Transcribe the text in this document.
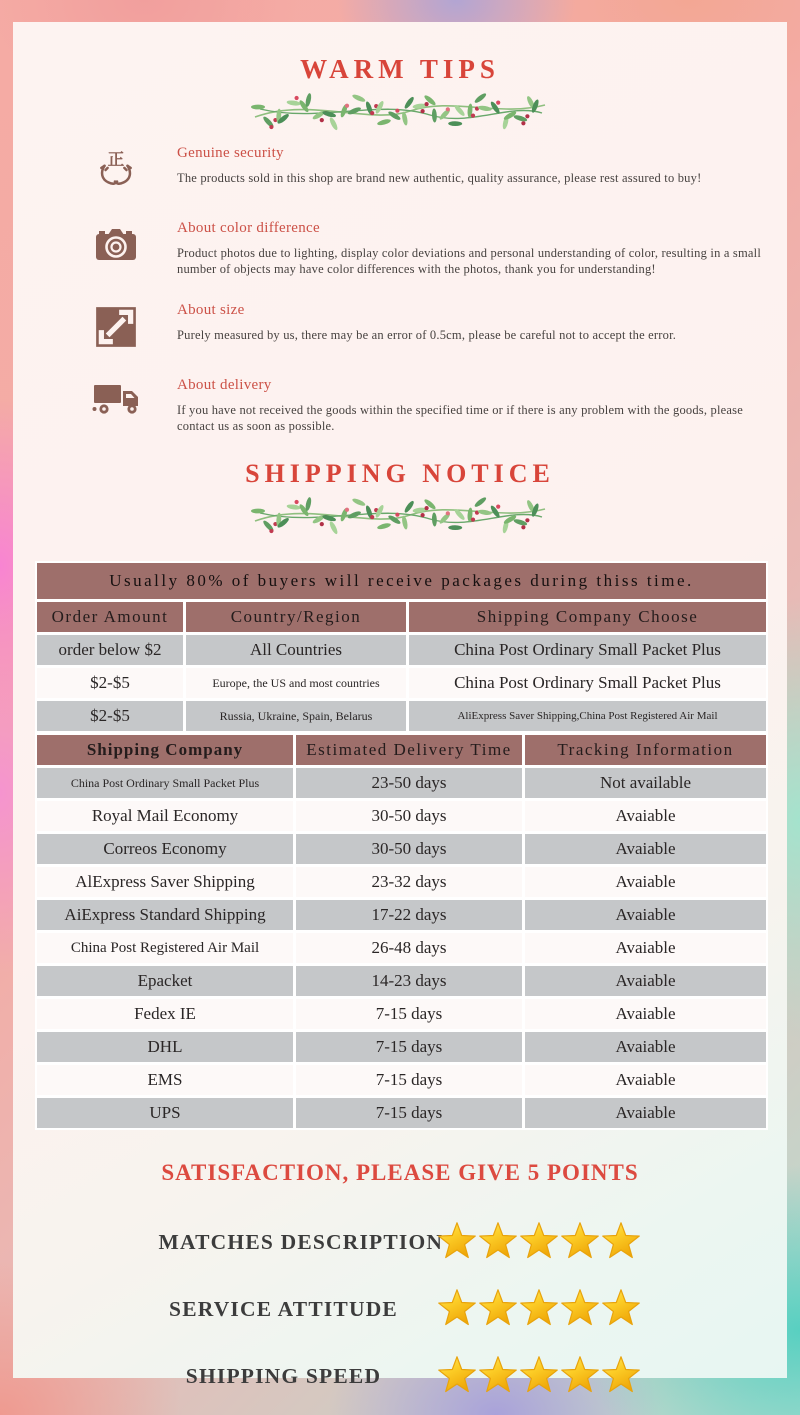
WARM TIPS
正	Genuine security

The products sold in this shop are brand new authentic, quality assurance, please rest assured to buy!

About color difference

Product photos due to lighting, display color deviations and personal understanding of color, resulting in a small number of objects may have color differences with the photos, thank you for understanding!

About size

Purely measured by us, there may be an error of 0.5cm, please be careful not to accept the error.

About delivery

If you have not received the goods within the specified time or if there is any problem with the goods, please contact us as soon as possible.

SHIPPING NOTICE
Usually 80% of buyers will receive packages during thiss time.
Order Amount	Country/Region	Shipping Company Choose
order below $2	All Countries	China Post Ordinary Small Packet Plus
$2-$5	Europe, the US and most countries	China Post Ordinary Small Packet Plus
$2-$5	Russia, Ukraine, Spain, Belarus	AliExpress Saver Shipping,China Post Registered Air Mail
Shipping Company	Estimated Delivery Time	Tracking Information
China Post Ordinary Small Packet Plus	23-50 days	Not available
Royal Mail Economy	30-50 days	Avaiable
Correos Economy	30-50 days	Avaiable
AlExpress Saver Shipping	23-32 days	Avaiable
AiExpress Standard Shipping	17-22 days	Avaiable
China Post Registered Air Mail	26-48 days	Avaiable
Epacket	14-23 days	Avaiable
Fedex IE	7-15 days	Avaiable
DHL	7-15 days	Avaiable
EMS	7-15 days	Avaiable
UPS	7-15 days	Avaiable
SATISFACTION, PLEASE GIVE 5 POINTS
MATCHES DESCRIPTION
SERVICE ATTITUDE
SHIPPING SPEED
